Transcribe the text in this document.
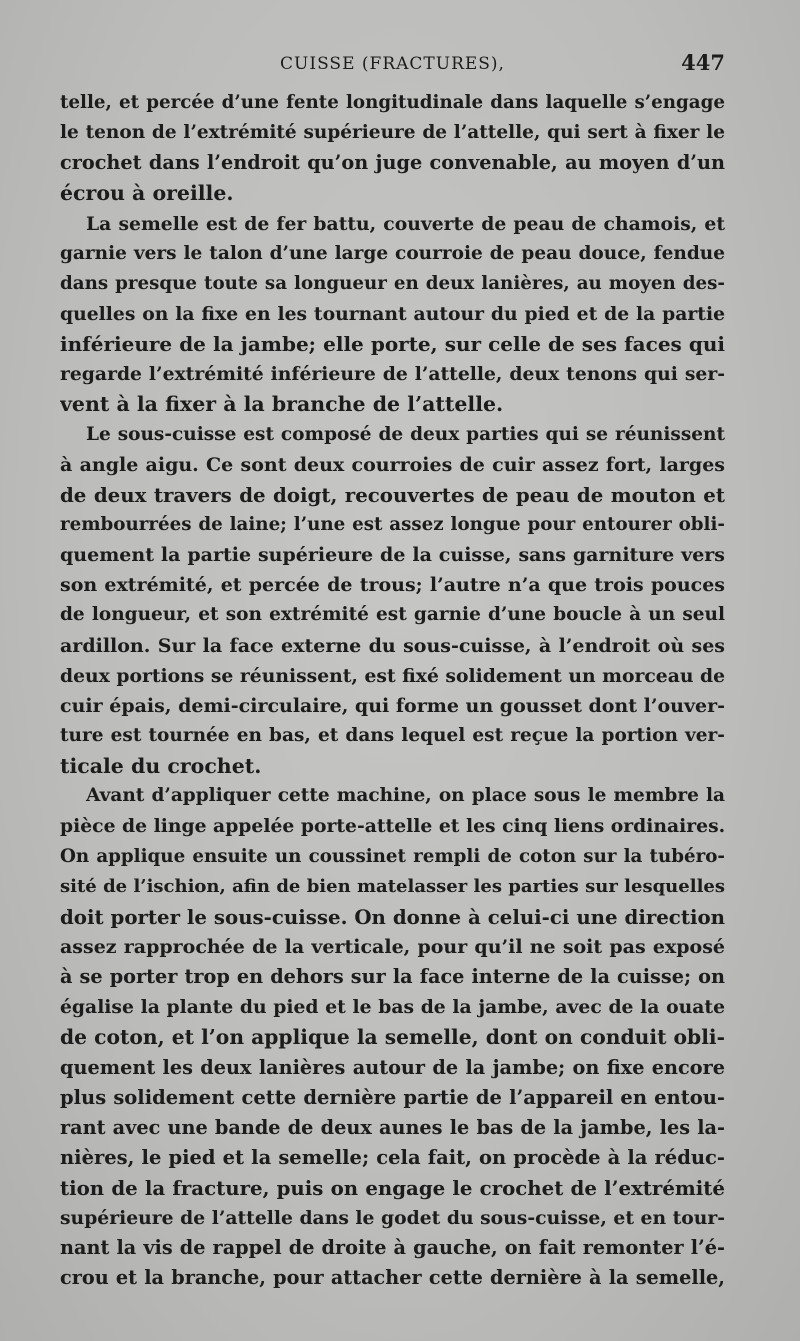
CUISSE (FRACTURES),	447
telle, et percée d’une fente longitudinale dans laquelle s’engage
le tenon de l’extrémité supérieure de l’attelle, qui sert à fixer le
crochet dans l’endroit qu’on juge convenable, au moyen d’un
écrou à oreille.
La semelle est de fer battu, couverte de peau de chamois, et
garnie vers le talon d’une large courroie de peau douce, fendue
dans presque toute sa longueur en deux lanières, au moyen des-
quelles on la fixe en les tournant autour du pied et de la partie
inférieure de la jambe; elle porte, sur celle de ses faces qui
regarde l’extrémité inférieure de l’attelle, deux tenons qui ser-
vent à la fixer à la branche de l’attelle.
Le sous-cuisse est composé de deux parties qui se réunissent
à angle aigu. Ce sont deux courroies de cuir assez fort, larges
de deux travers de doigt, recouvertes de peau de mouton et
rembourrées de laine; l’une est assez longue pour entourer obli-
quement la partie supérieure de la cuisse, sans garniture vers
son extrémité, et percée de trous; l’autre n’a que trois pouces
de longueur, et son extrémité est garnie d’une boucle à un seul
ardillon. Sur la face externe du sous-cuisse, à l’endroit où ses
deux portions se réunissent, est fixé solidement un morceau de
cuir épais, demi-circulaire, qui forme un gousset dont l’ouver-
ture est tournée en bas, et dans lequel est reçue la portion ver-
ticale du crochet.
Avant d’appliquer cette machine, on place sous le membre la
pièce de linge appelée porte-attelle et les cinq liens ordinaires.
On applique ensuite un coussinet rempli de coton sur la tubéro-
sité de l’ischion, afin de bien matelasser les parties sur lesquelles
doit porter le sous-cuisse. On donne à celui-ci une direction
assez rapprochée de la verticale, pour qu’il ne soit pas exposé
à se porter trop en dehors sur la face interne de la cuisse; on
égalise la plante du pied et le bas de la jambe, avec de la ouate
de coton, et l’on applique la semelle, dont on conduit obli-
quement les deux lanières autour de la jambe; on fixe encore
plus solidement cette dernière partie de l’appareil en entou-
rant avec une bande de deux aunes le bas de la jambe, les la-
nières, le pied et la semelle; cela fait, on procède à la réduc-
tion de la fracture, puis on engage le crochet de l’extrémité
supérieure de l’attelle dans le godet du sous-cuisse, et en tour-
nant la vis de rappel de droite à gauche, on fait remonter l’é-
crou et la branche, pour attacher cette dernière à la semelle,
